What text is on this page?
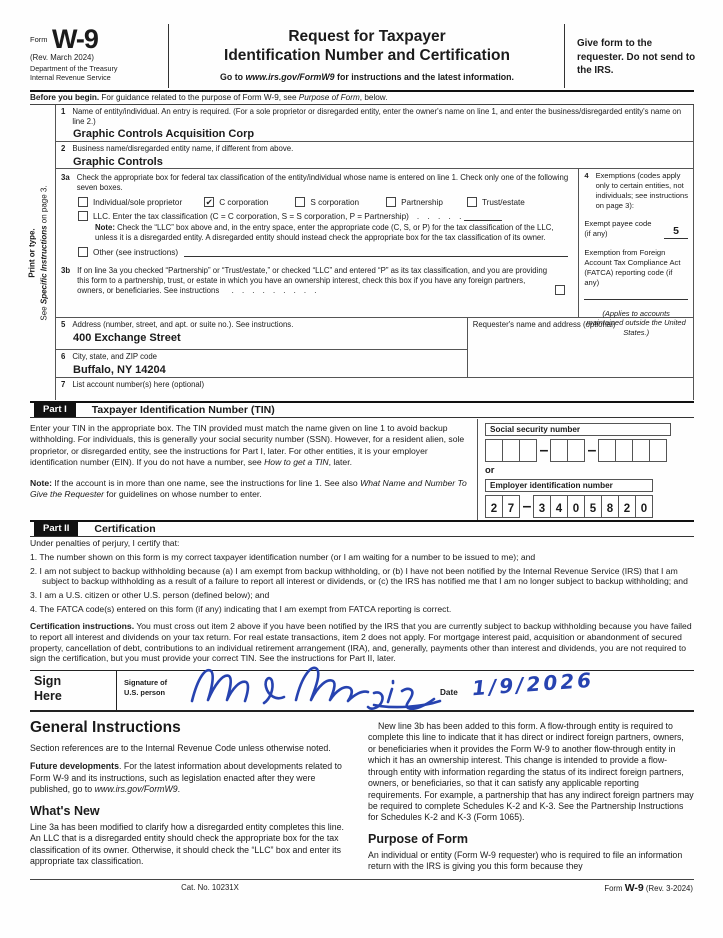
$^{Form}$ W-9
(Rev. March 2024)
Department of the Treasury
Internal Revenue Service
Request for Taxpayer
Identification Number and Certification
Go to www.irs.gov/FormW9 for instructions and the latest information.
Give form to the requester. Do not send to the IRS.
Before you begin. For guidance related to the purpose of Form W-9, see Purpose of Form, below.
Print or type.
See Specific Instructions on page 3.
1 Name of entity/individual. An entry is required. (For a sole proprietor or disregarded entity, enter the owner's name on line 1, and enter the business/disregarded entity's name on line 2.)
Graphic Controls Acquisition Corp
2 Business name/disregarded entity name, if different from above.
Graphic Controls
3a Check the appropriate box for federal tax classification of the entity/individual whose name is entered on line 1. Check only one of the following seven boxes.
Individual/sole proprietor	✔ C corporation	S corporation	Partnership	Trust/estate
LLC. Enter the tax classification (C = C corporation, S = S corporation, P = Partnership) . . . . .
Note: Check the “LLC” box above and, in the entry space, enter the appropriate code (C, S, or P) for the tax classification of the LLC, unless it is a disregarded entity. A disregarded entity should instead check the appropriate box for the tax classification of its owner.
Other (see instructions)
3b If on line 3a you checked “Partnership” or “Trust/estate,” or checked “LLC” and entered “P” as its tax classification, and you are providing this form to a partnership, trust, or estate in which you have an ownership interest, check this box if you have any foreign partners, owners, or beneficiaries. See instructions . . . . . . . . .
4 Exemptions (codes apply only to certain entities, not individuals; see instructions on page 3):
Exempt payee code (if any)	5
Exemption from Foreign Account Tax Compliance Act (FATCA) reporting code (if any)
(Applies to accounts maintained outside the United States.)
5 Address (number, street, and apt. or suite no.). See instructions.
400 Exchange Street
6 City, state, and ZIP code
Buffalo, NY 14204
Requester's name and address (optional)
7 List account number(s) here (optional)
Part I	Taxpayer Identification Number (TIN)

Enter your TIN in the appropriate box. The TIN provided must match the name given on line 1 to avoid backup withholding. For individuals, this is generally your social security number (SSN). However, for a resident alien, sole proprietor, or disregarded entity, see the instructions for Part I, later. For other entities, it is your employer identification number (EIN). If you do not have a number, see How to get a TIN, later.

Note: If the account is in more than one name, see the instructions for line 1. See also What Name and Number To Give the Requester for guidelines on whose number to enter.

Social security number
– –
or
Employer identification number
2 7 – 3 4 0 5 8 2 0
Part II	Certification
Under penalties of perjury, I certify that:
1. The number shown on this form is my correct taxpayer identification number (or I am waiting for a number to be issued to me); and
2. I am not subject to backup withholding because (a) I am exempt from backup withholding, or (b) I have not been notified by the Internal Revenue Service (IRS) that I am subject to backup withholding as a result of a failure to report all interest or dividends, or (c) the IRS has notified me that I am no longer subject to backup withholding; and
3. I am a U.S. citizen or other U.S. person (defined below); and
4. The FATCA code(s) entered on this form (if any) indicating that I am exempt from FATCA reporting is correct.
Certification instructions. You must cross out item 2 above if you have been notified by the IRS that you are currently subject to backup withholding because you have failed to report all interest and dividends on your tax return. For real estate transactions, item 2 does not apply. For mortgage interest paid, acquisition or abandonment of secured property, cancellation of debt, contributions to an individual retirement arrangement (IRA), and, generally, payments other than interest and dividends, you are not required to sign the certification, but you must provide your correct TIN. See the instructions for Part II, later.
Sign
Here
Signature of
U.S. person	Date 1/9/2026
General Instructions
Section references are to the Internal Revenue Code unless otherwise noted.
Future developments. For the latest information about developments related to Form W-9 and its instructions, such as legislation enacted after they were published, go to www.irs.gov/FormW9.
What's New
Line 3a has been modified to clarify how a disregarded entity completes this line. An LLC that is a disregarded entity should check the appropriate box for the tax classification of its owner. Otherwise, it should check the “LLC” box and enter its appropriate tax classification.
New line 3b has been added to this form. A flow-through entity is required to complete this line to indicate that it has direct or indirect foreign partners, owners, or beneficiaries when it provides the Form W-9 to another flow-through entity in which it has an ownership interest. This change is intended to provide a flow-through entity with information regarding the status of its indirect foreign partners, owners, or beneficiaries, so that it can satisfy any applicable reporting requirements. For example, a partnership that has any indirect foreign partners may be required to complete Schedules K-2 and K-3. See the Partnership Instructions for Schedules K-2 and K-3 (Form 1065).
Purpose of Form
An individual or entity (Form W-9 requester) who is required to file an information return with the IRS is giving you this form because they
Cat. No. 10231X	Form W-9 (Rev. 3-2024)
